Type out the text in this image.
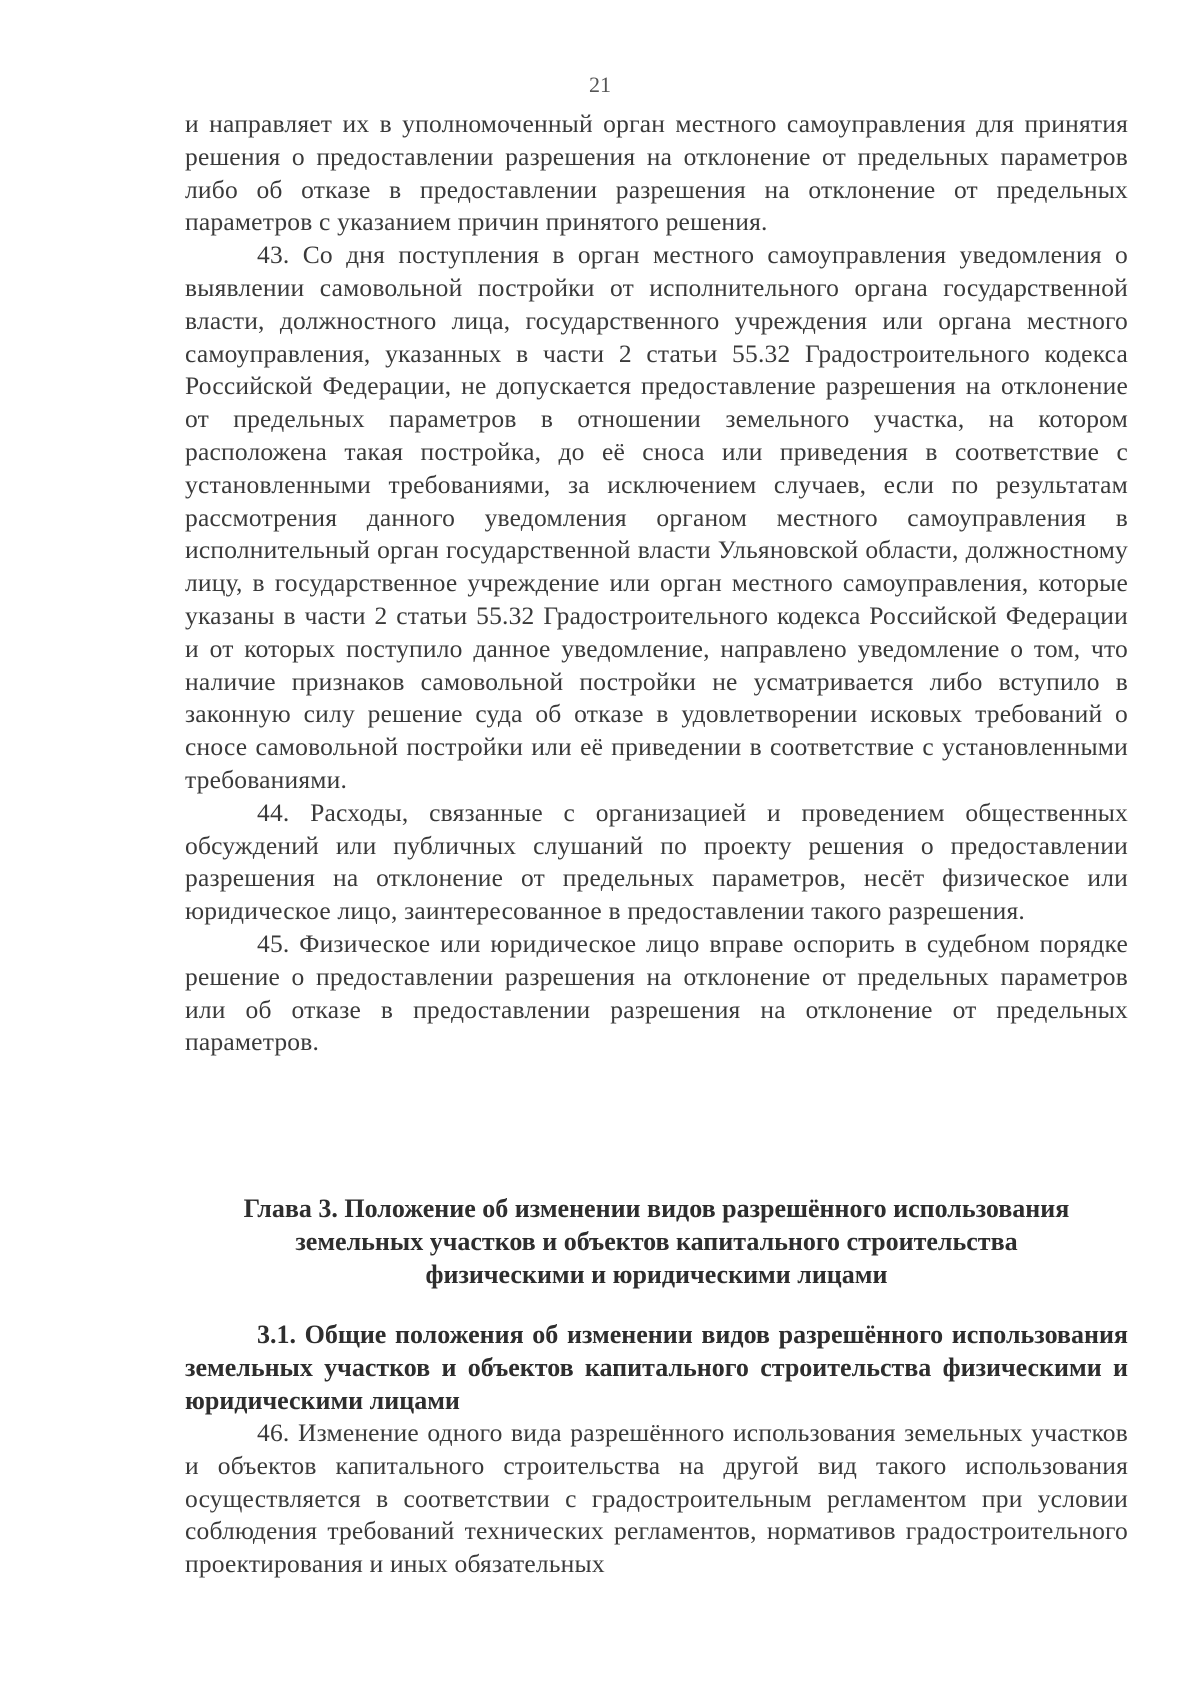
21

и направляет их в уполномоченный орган местного самоуправления для принятия решения о предоставлении разрешения на отклонение от предельных параметров либо об отказе в предоставлении разрешения на отклонение от предельных параметров с указанием причин принятого решения.

43. Со дня поступления в орган местного самоуправления уведомления о выявлении самовольной постройки от исполнительного органа государственной власти, должностного лица, государственного учреждения или органа местного самоуправления, указанных в части 2 статьи 55.32 Градостроительного кодекса Российской Федерации, не допускается предоставление разрешения на отклонение от предельных параметров в отношении земельного участка, на котором расположена такая постройка, до её сноса или приведения в соответствие с установленными требованиями, за исключением случаев, если по результатам рассмотрения данного уведомления органом местного самоуправления в исполнительный орган государственной власти Ульяновской области, должностному лицу, в государственное учреждение или орган местного самоуправления, которые указаны в части 2 статьи 55.32 Градостроительного кодекса Российской Федерации и от которых поступило данное уведомление, направлено уведомление о том, что наличие признаков самовольной постройки не усматривается либо вступило в законную силу решение суда об отказе в удовлетворении исковых требований о сносе самовольной постройки или её приведении в соответствие с установленными требованиями.

44. Расходы, связанные с организацией и проведением общественных обсуждений или публичных слушаний по проекту решения о предоставлении разрешения на отклонение от предельных параметров, несёт физическое или юридическое лицо, заинтересованное в предоставлении такого разрешения.

45. Физическое или юридическое лицо вправе оспорить в судебном порядке решение о предоставлении разрешения на отклонение от предельных параметров или об отказе в предоставлении разрешения на отклонение от предельных параметров.

Глава 3. Положение об изменении видов разрешённого использования
земельных участков и объектов капитального строительства
физическими и юридическими лицами
3.1. Общие положения об изменении видов разрешённого использования земельных участков и объектов капитального строительства физическими и юридическими лицами

46. Изменение одного вида разрешённого использования земельных участков и объектов капитального строительства на другой вид такого использования осуществляется в соответствии с градостроительным регламентом при условии соблюдения требований технических регламентов, нормативов градостроительного проектирования и иных обязательных
